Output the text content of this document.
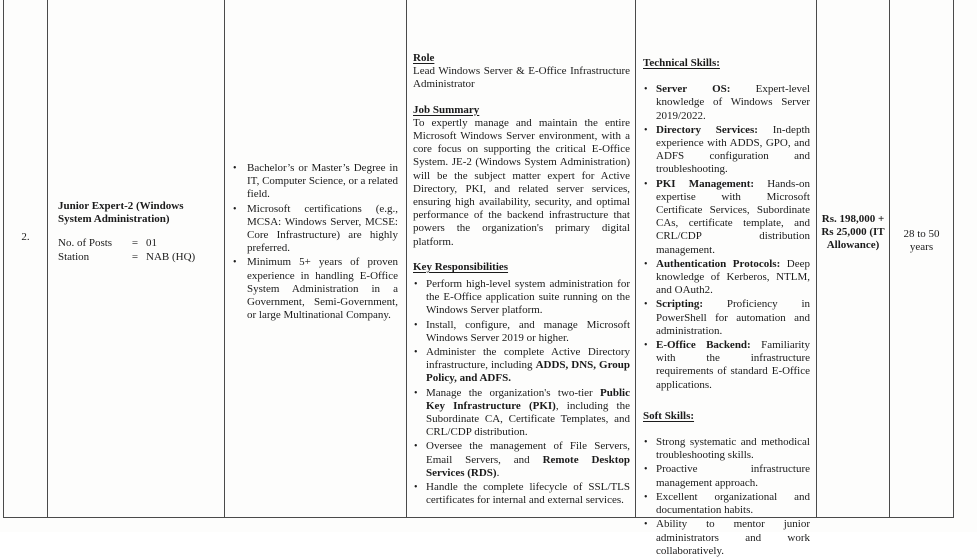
2.
Junior Expert-2 (Windows System Administration)
No. of Posts	= 01
Station	= NAB (HQ)
• Bachelor’s or Master’s Degree in IT, Computer Science, or a related field.
• Microsoft certifications (e.g., MCSA: Windows Server, MCSE: Core Infrastructure) are highly preferred.
• Minimum 5+ years of proven experience in handling E-Office System Administration in a Government, Semi-Government, or large Multinational Company.
Role

Lead Windows Server & E-Office Infrastructure Administrator

Job Summary

To expertly manage and maintain the entire Microsoft Windows Server environment, with a core focus on supporting the critical E-Office System. JE-2 (Windows System Administration) will be the subject matter expert for Active Directory, PKI, and related server services, ensuring high availability, security, and optimal performance of the backend infrastructure that powers the organization's primary digital platform.

Key Responsibilities
• Perform high-level system administration for the E-Office application suite running on the Windows Server platform.
• Install, configure, and manage Microsoft Windows Server 2019 or higher.
• Administer the complete Active Directory infrastructure, including ADDS, DNS, Group Policy, and ADFS.
• Manage the organization's two-tier Public Key Infrastructure (PKI), including the Subordinate CA, Certificate Templates, and CRL/CDP distribution.
• Oversee the management of File Servers, Email Servers, and Remote Desktop Services (RDS).
• Handle the complete lifecycle of SSL/TLS certificates for internal and external services.
Technical Skills:
• Server OS: Expert-level knowledge of Windows Server 2019/2022.
• Directory Services: In-depth experience with ADDS, GPO, and ADFS configuration and troubleshooting.
• PKI Management: Hands-on expertise with Microsoft Certificate Services, Subordinate CAs, certificate template, and CRL/CDP distribution management.
• Authentication Protocols: Deep knowledge of Kerberos, NTLM, and OAuth2.
• Scripting: Proficiency in PowerShell for automation and administration.
• E-Office Backend: Familiarity with the infrastructure requirements of standard E-Office applications.
Soft Skills:
• Strong systematic and methodical troubleshooting skills.
• Proactive infrastructure management approach.
• Excellent organizational and documentation habits.
• Ability to mentor junior administrators and work collaboratively.
Rs. 198,000 + Rs 25,000 (IT Allowance)
28 to 50 years
